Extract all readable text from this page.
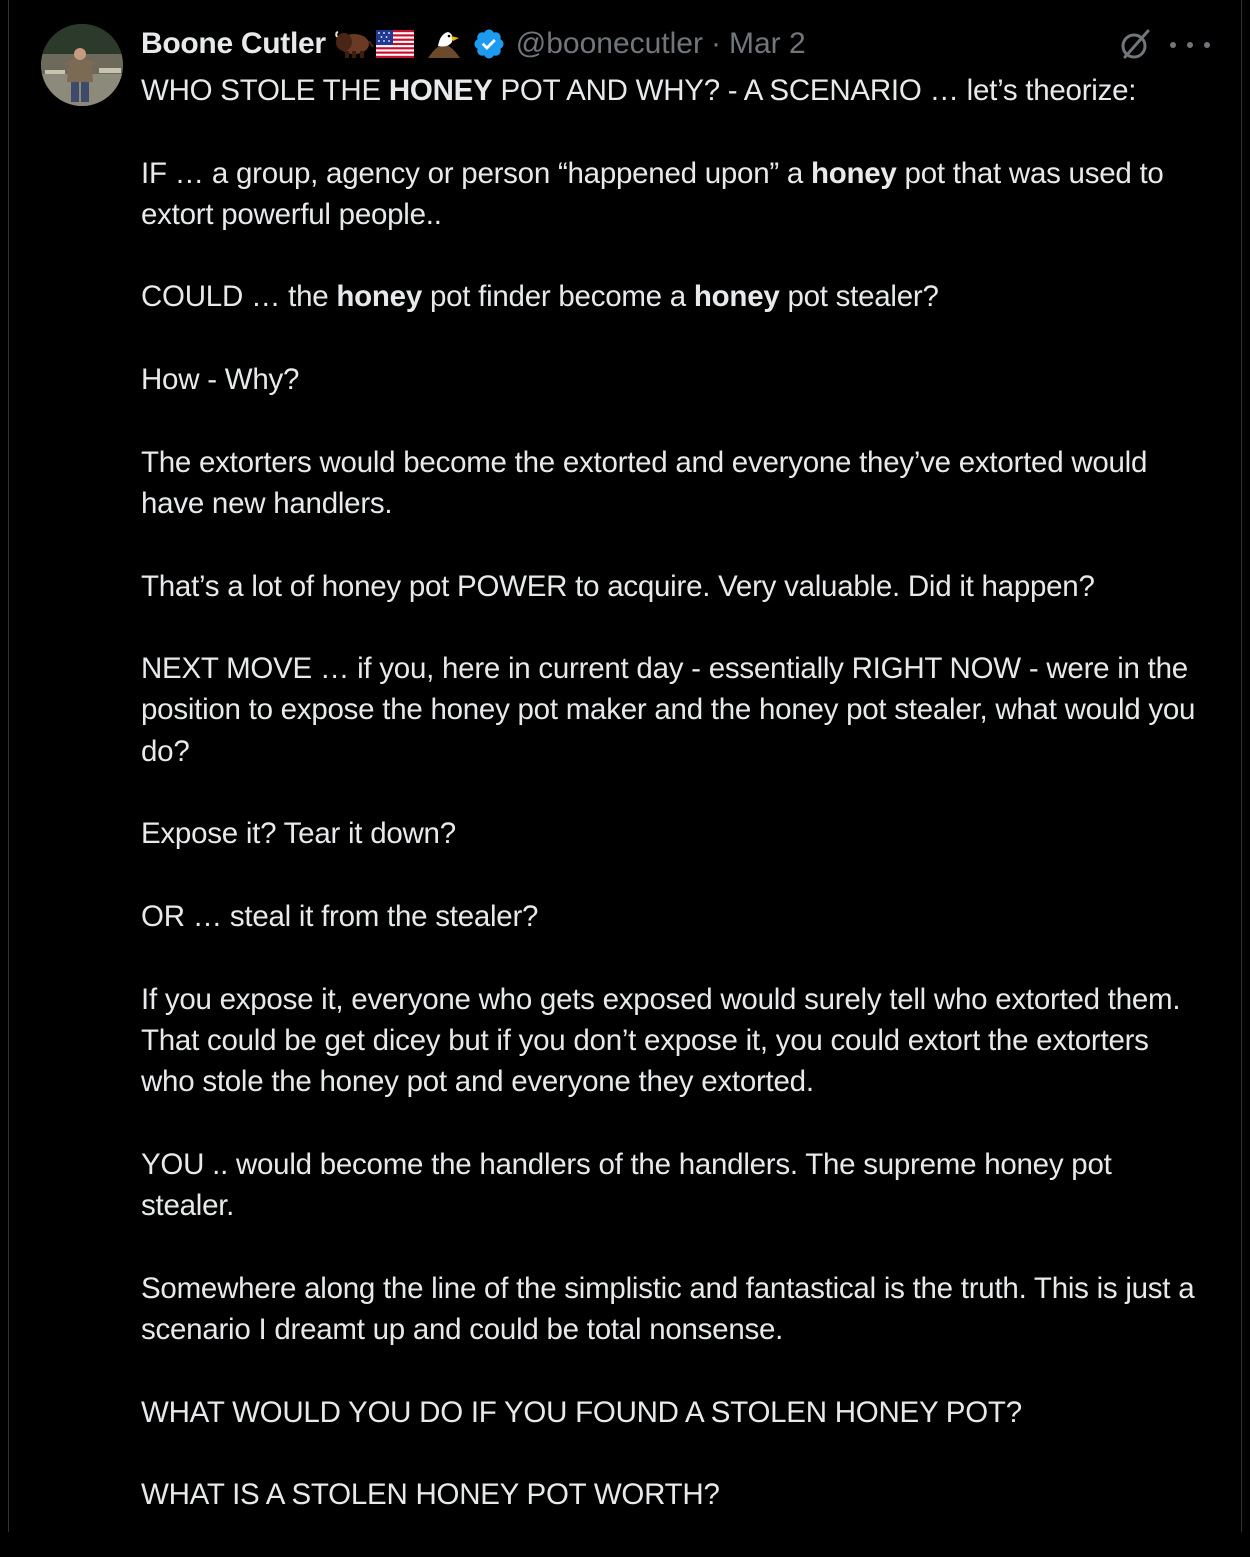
Boone Cutler	@boonecutler · Mar 2

WHO STOLE THE HONEY POT AND WHY? - A SCENARIO … let’s theorize:

IF … a group, agency or person “happened upon” a honey pot that was used to extort powerful people..

COULD … the honey pot finder become a honey pot stealer?

How - Why?

The extorters would become the extorted and everyone they’ve extorted would have new handlers.

That’s a lot of honey pot POWER to acquire. Very valuable. Did it happen?

NEXT MOVE … if you, here in current day - essentially RIGHT NOW - were in the position to expose the honey pot maker and the honey pot stealer, what would you do?

Expose it? Tear it down?

OR … steal it from the stealer?

If you expose it, everyone who gets exposed would surely tell who extorted them. That could be get dicey but if you don’t expose it, you could extort the extorters who stole the honey pot and everyone they extorted.

YOU .. would become the handlers of the handlers. The supreme honey pot stealer.

Somewhere along the line of the simplistic and fantastical is the truth. This is just a scenario I dreamt up and could be total nonsense.

WHAT WOULD YOU DO IF YOU FOUND A STOLEN HONEY POT?

WHAT IS A STOLEN HONEY POT WORTH?
